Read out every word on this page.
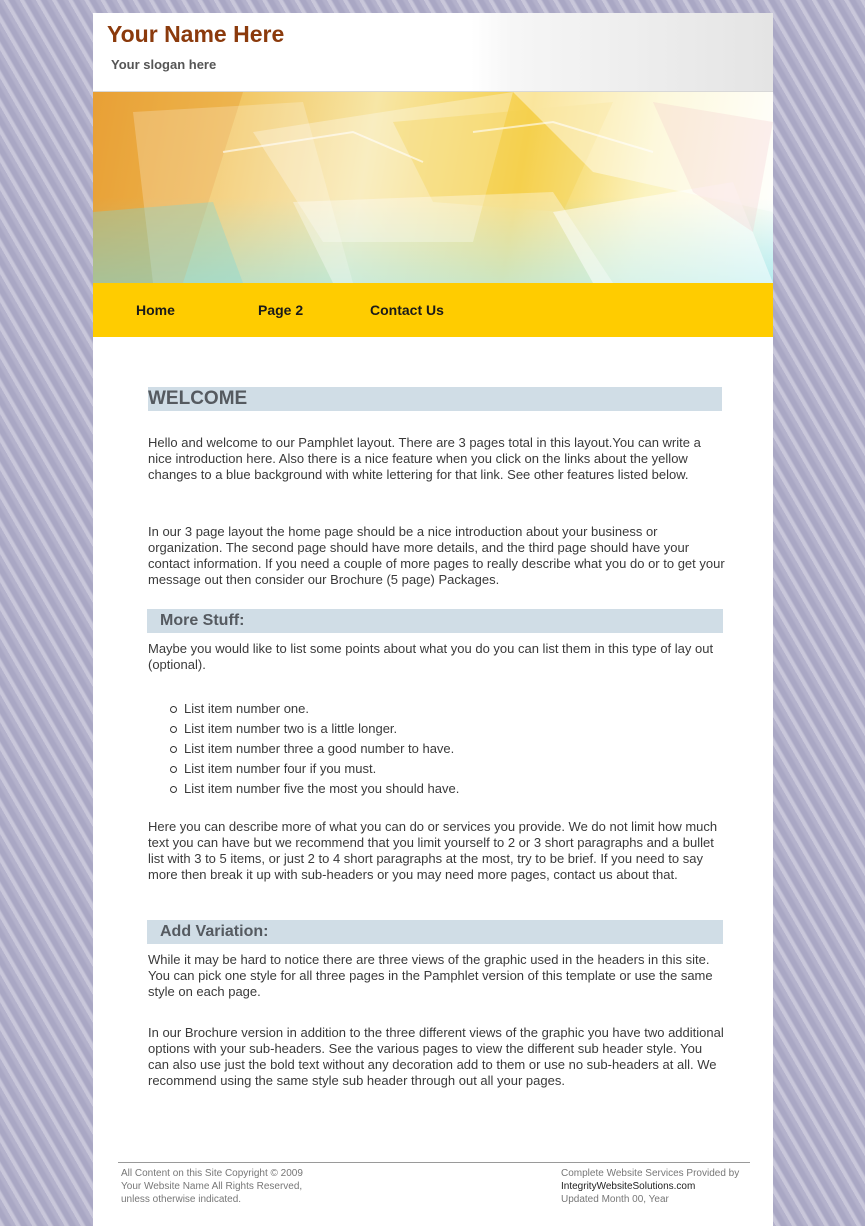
Your Name Here
Your slogan here
Home	Page 2	Contact Us
WELCOME

Hello and welcome to our Pamphlet layout. There are 3 pages total in this layout.You can write a nice introduction here. Also there is a nice feature when you click on the links about the yellow changes to a blue background with white lettering for that link. See other features listed below.

In our 3 page layout the home page should be a nice introduction about your business or organization. The second page should have more details, and the third page should have your contact information. If you need a couple of more pages to really describe what you do or to get your message out then consider our Brochure (5 page) Packages.

More Stuff:

Maybe you would like to list some points about what you do you can list them in this type of lay out (optional).

List item number one.
List item number two is a little longer.
List item number three a good number to have.
List item number four if you must.
List item number five the most you should have.

Here you can describe more of what you can do or services you provide. We do not limit how much text you can have but we recommend that you limit yourself to 2 or 3 short paragraphs and a bullet list with 3 to 5 items, or just 2 to 4 short paragraphs at the most, try to be brief. If you need to say more then break it up with sub-headers or you may need more pages, contact us about that.

Add Variation:

While it may be hard to notice there are three views of the graphic used in the headers in this site. You can pick one style for all three pages in the Pamphlet version of this template or use the same style on each page.

In our Brochure version in addition to the three different views of the graphic you have two additional options with your sub-headers. See the various pages to view the different sub header style. You can also use just the bold text without any decoration add to them or use no sub-headers at all. We recommend using the same style sub header through out all your pages.

All Content on this Site Copyright © 2009
Your Website Name All Rights Reserved,
unless otherwise indicated.
Complete Website Services Provided by
IntegrityWebsiteSolutions.com
Updated Month 00, Year
